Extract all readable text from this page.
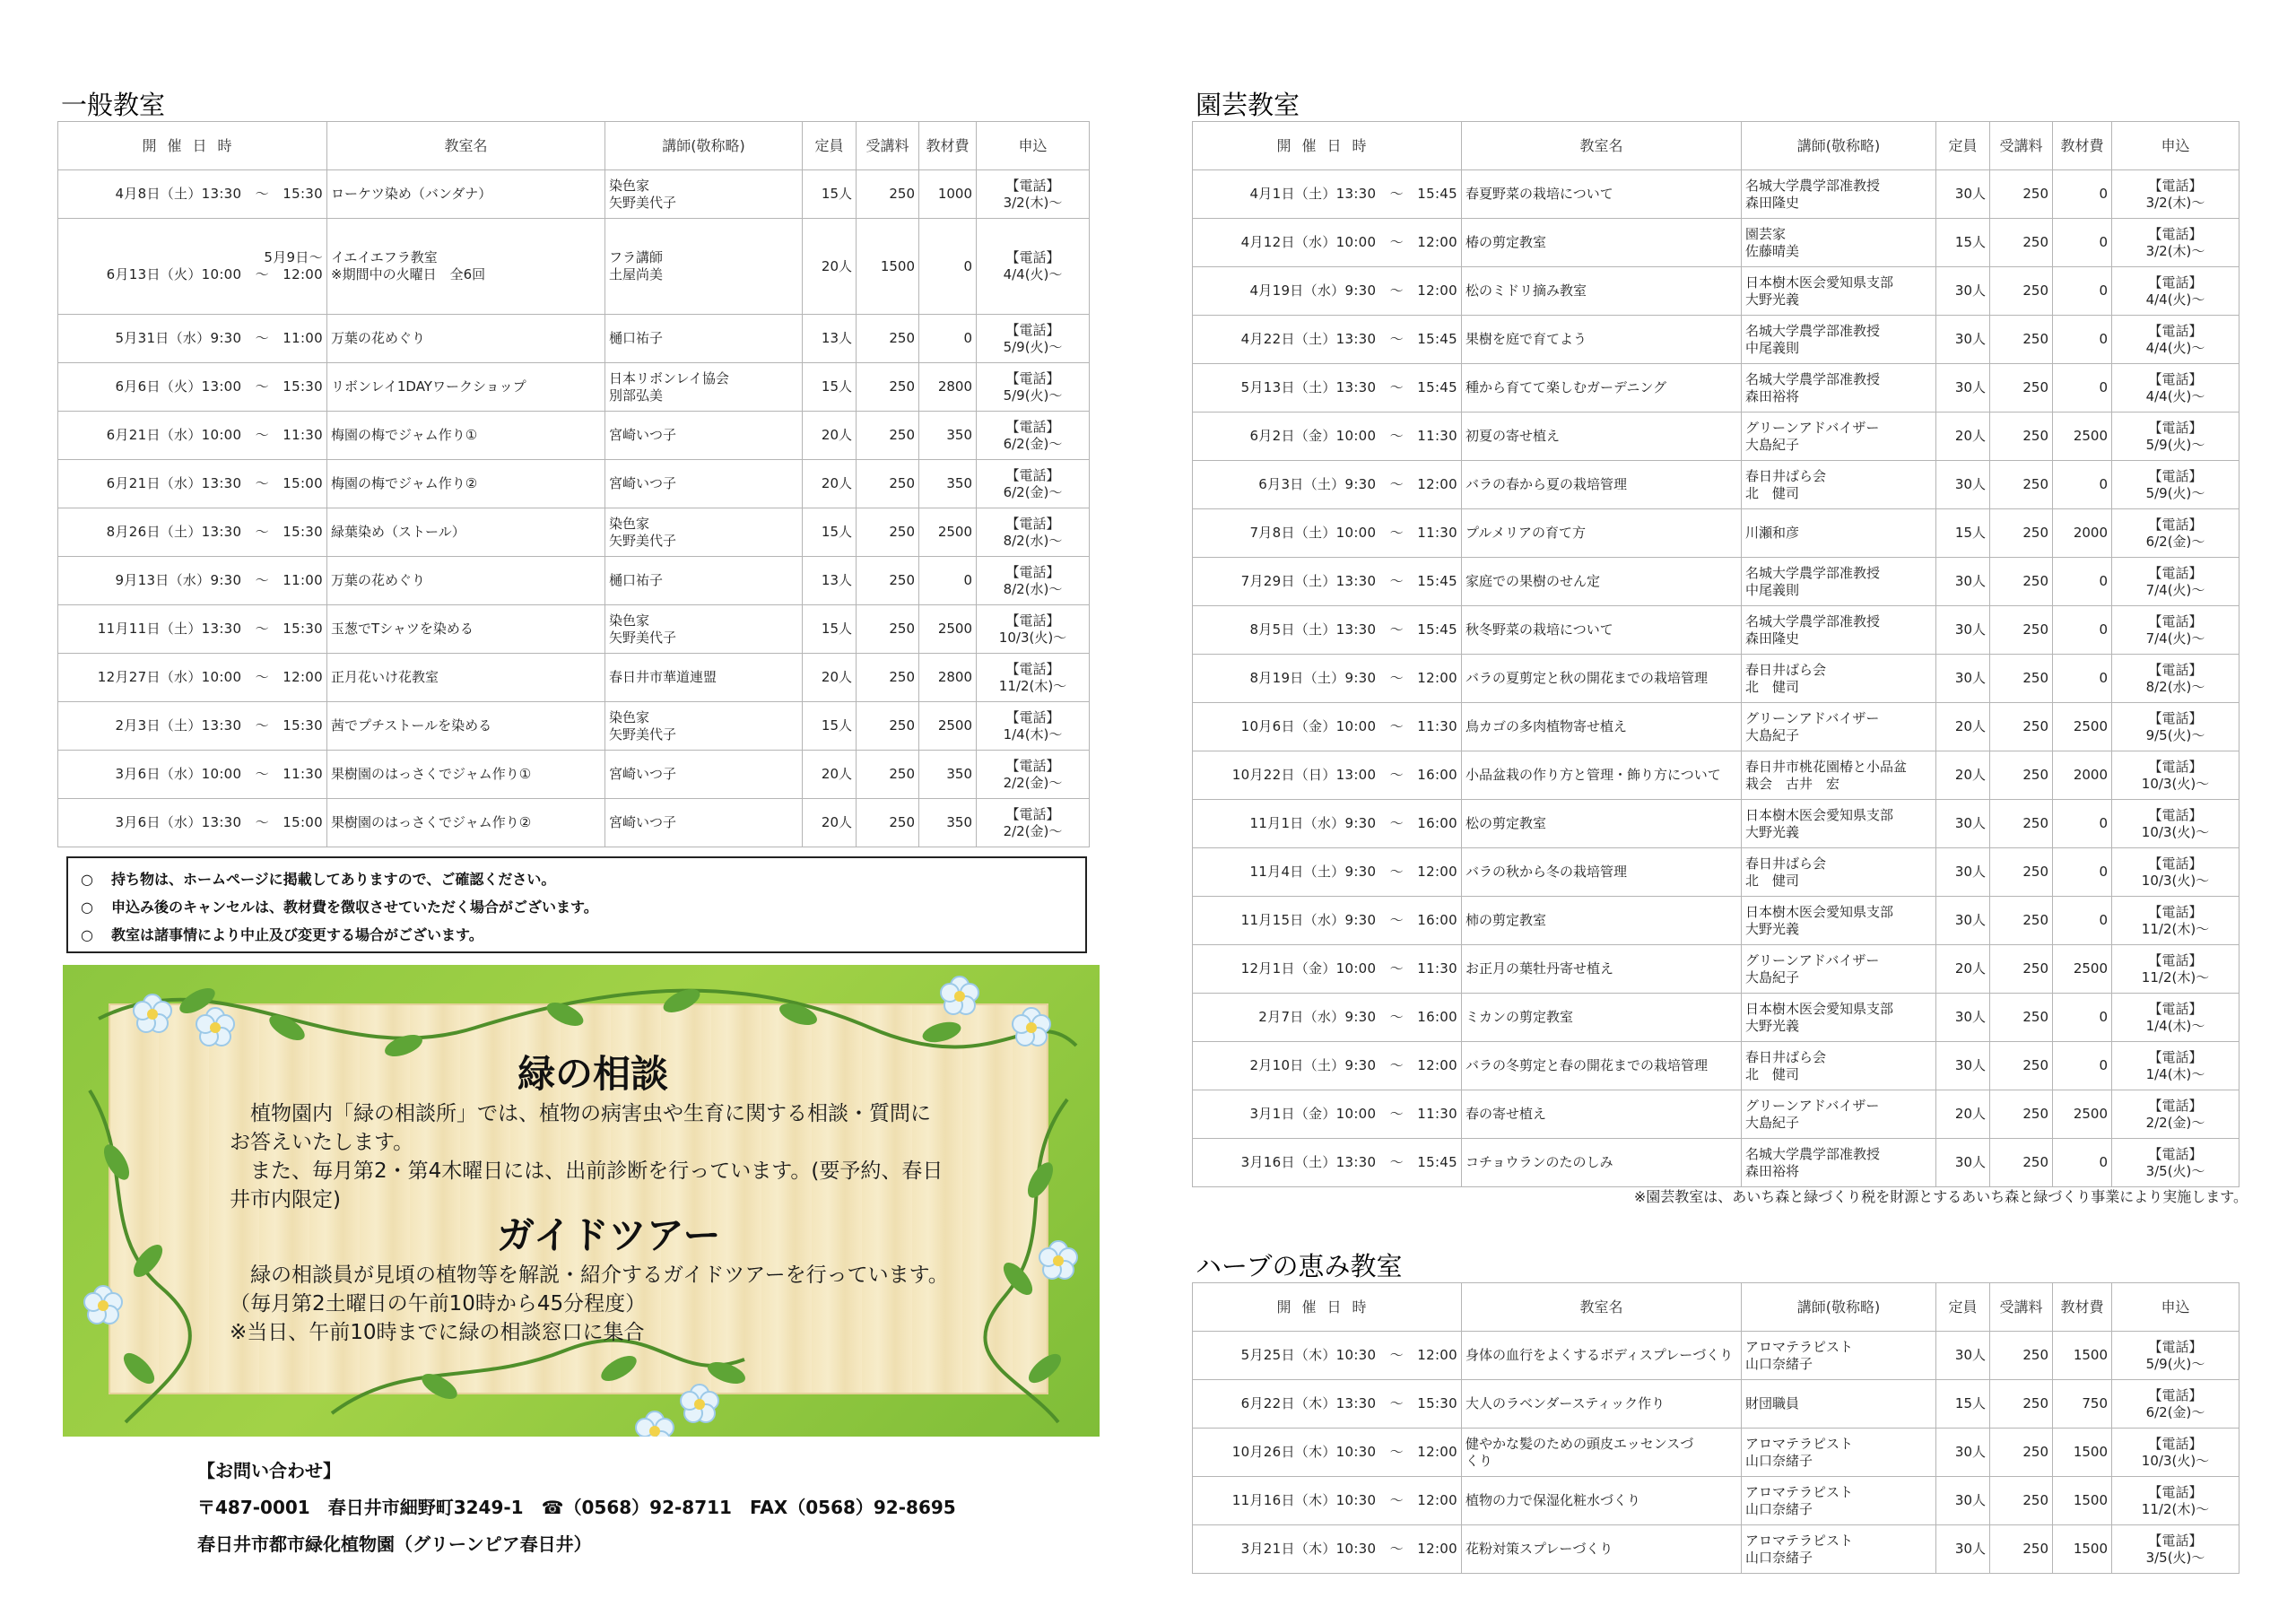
一般教室
開催日時	教室名	講師(敬称略)	定員	受講料	教材費	申込
4月8日（土）13:30　～　15:30	ローケツ染め（バンダナ）	染色家
矢野美代子	15人	250	1000	【電話】
3/2(木)～

5月9日～
6月13日（火）10:00　～　12:00	イエイエフラ教室
※期間中の火曜日　全6回	フラ講師
土屋尚美	20人	1500	0	【電話】
4/4(火)～

5月31日（水）9:30　～　11:00	万葉の花めぐり	樋口祐子	13人	250	0	【電話】
5/9(火)～

6月6日（火）13:00　～　15:30	リボンレイ1DAYワークショップ	日本リボンレイ協会
別部弘美	15人	250	2800	【電話】
5/9(火)～

6月21日（水）10:00　～　11:30	梅園の梅でジャム作り①	宮崎いつ子	20人	250	350	【電話】
6/2(金)～

6月21日（水）13:30　～　15:00	梅園の梅でジャム作り②	宮崎いつ子	20人	250	350	【電話】
6/2(金)～

8月26日（土）13:30　～　15:30	緑葉染め（ストール）	染色家
矢野美代子	15人	250	2500	【電話】
8/2(水)～

9月13日（水）9:30　～　11:00	万葉の花めぐり	樋口祐子	13人	250	0	【電話】
8/2(水)～

11月11日（土）13:30　～　15:30	玉葱でTシャツを染める	染色家
矢野美代子	15人	250	2500	【電話】
10/3(火)～

12月27日（水）10:00　～　12:00	正月花いけ花教室	春日井市華道連盟	20人	250	2800	【電話】
11/2(木)～

2月3日（土）13:30　～　15:30	茜でプチストールを染める	染色家
矢野美代子	15人	250	2500	【電話】
1/4(木)～

3月6日（水）10:00　～　11:30	果樹園のはっさくでジャム作り①	宮崎いつ子	20人	250	350	【電話】
2/2(金)～

3月6日（水）13:30　～　15:00	果樹園のはっさくでジャム作り②	宮崎いつ子	20人	250	350	【電話】
2/2(金)～
○ 持ち物は、ホームページに掲載してありますので、ご確認ください。
○ 申込み後のキャンセルは、教材費を徴収させていただく場合がございます。
○ 教室は諸事情により中止及び変更する場合がございます。
緑の相談

　植物園内「緑の相談所」では、植物の病害虫や生育に関する相談・質問に
お答えいたします。
　また、毎月第2・第4木曜日には、出前診断を行っています。(要予約、春日
井市内限定)

ガイドツアー

　緑の相談員が見頃の植物等を解説・紹介するガイドツアーを行っています。
（毎月第2土曜日の午前10時から45分程度）
※当日、午前10時までに緑の相談窓口に集合

【お問い合わせ】
〒487-0001　春日井市細野町3249-1　☎（0568）92-8711　FAX（0568）92-8695
春日井市都市緑化植物園（グリーンピア春日井）
園芸教室
開催日時	教室名	講師(敬称略)	定員	受講料	教材費	申込
4月1日（土）13:30　～　15:45	春夏野菜の栽培について	名城大学農学部准教授
森田隆史	30人	250	0	【電話】
3/2(木)～

4月12日（水）10:00　～　12:00	椿の剪定教室	園芸家
佐藤晴美	15人	250	0	【電話】
3/2(木)～

4月19日（水）9:30　～　12:00	松のミドリ摘み教室	日本樹木医会愛知県支部
大野光義	30人	250	0	【電話】
4/4(火)～

4月22日（土）13:30　～　15:45	果樹を庭で育てよう	名城大学農学部准教授
中尾義則	30人	250	0	【電話】
4/4(火)～

5月13日（土）13:30　～　15:45	種から育てて楽しむガーデニング	名城大学農学部准教授
森田裕将	30人	250	0	【電話】
4/4(火)～

6月2日（金）10:00　～　11:30	初夏の寄せ植え	グリーンアドバイザー
大島紀子	20人	250	2500	【電話】
5/9(火)～

6月3日（土）9:30　～　12:00	バラの春から夏の栽培管理	春日井ばら会
北　健司	30人	250	0	【電話】
5/9(火)～

7月8日（土）10:00　～　11:30	プルメリアの育て方	川瀬和彦	15人	250	2000	【電話】
6/2(金)～

7月29日（土）13:30　～　15:45	家庭での果樹のせん定	名城大学農学部准教授
中尾義則	30人	250	0	【電話】
7/4(火)～

8月5日（土）13:30　～　15:45	秋冬野菜の栽培について	名城大学農学部准教授
森田隆史	30人	250	0	【電話】
7/4(火)～

8月19日（土）9:30　～　12:00	バラの夏剪定と秋の開花までの栽培管理	春日井ばら会
北　健司	30人	250	0	【電話】
8/2(水)～

10月6日（金）10:00　～　11:30	鳥カゴの多肉植物寄せ植え	グリーンアドバイザー
大島紀子	20人	250	2500	【電話】
9/5(火)～

10月22日（日）13:00　～　16:00	小品盆栽の作り方と管理・飾り方について	春日井市桃花園椿と小品盆
栽会　古井　宏	20人	250	2000	【電話】
10/3(火)～

11月1日（水）9:30　～　16:00	松の剪定教室	日本樹木医会愛知県支部
大野光義	30人	250	0	【電話】
10/3(火)～

11月4日（土）9:30　～　12:00	バラの秋から冬の栽培管理	春日井ばら会
北　健司	30人	250	0	【電話】
10/3(火)～

11月15日（水）9:30　～　16:00	柿の剪定教室	日本樹木医会愛知県支部
大野光義	30人	250	0	【電話】
11/2(木)～

12月1日（金）10:00　～　11:30	お正月の葉牡丹寄せ植え	グリーンアドバイザー
大島紀子	20人	250	2500	【電話】
11/2(木)～

2月7日（水）9:30　～　16:00	ミカンの剪定教室	日本樹木医会愛知県支部
大野光義	30人	250	0	【電話】
1/4(木)～

2月10日（土）9:30　～　12:00	バラの冬剪定と春の開花までの栽培管理	春日井ばら会
北　健司	30人	250	0	【電話】
1/4(木)～

3月1日（金）10:00　～　11:30	春の寄せ植え	グリーンアドバイザー
大島紀子	20人	250	2500	【電話】
2/2(金)～

3月16日（土）13:30　～　15:45	コチョウランのたのしみ	名城大学農学部准教授
森田裕将	30人	250	0	【電話】
3/5(火)～
※園芸教室は、あいち森と緑づくり税を財源とするあいち森と緑づくり事業により実施します。
ハーブの恵み教室
開催日時	教室名	講師(敬称略)	定員	受講料	教材費	申込
5月25日（木）10:30　～　12:00	身体の血行をよくするボディスプレーづくり	アロマテラピスト
山口奈緒子	30人	250	1500	【電話】
5/9(火)～

6月22日（木）13:30　～　15:30	大人のラベンダースティック作り	財団職員	15人	250	750	【電話】
6/2(金)～

10月26日（木）10:30　～　12:00	健やかな髪のための頭皮エッセンスづ
くり	アロマテラピスト
山口奈緒子	30人	250	1500	【電話】
10/3(火)～

11月16日（木）10:30　～　12:00	植物の力で保湿化粧水づくり	アロマテラピスト
山口奈緒子	30人	250	1500	【電話】
11/2(木)～

3月21日（木）10:30　～　12:00	花粉対策スプレーづくり	アロマテラピスト
山口奈緒子	30人	250	1500	【電話】
3/5(火)～
